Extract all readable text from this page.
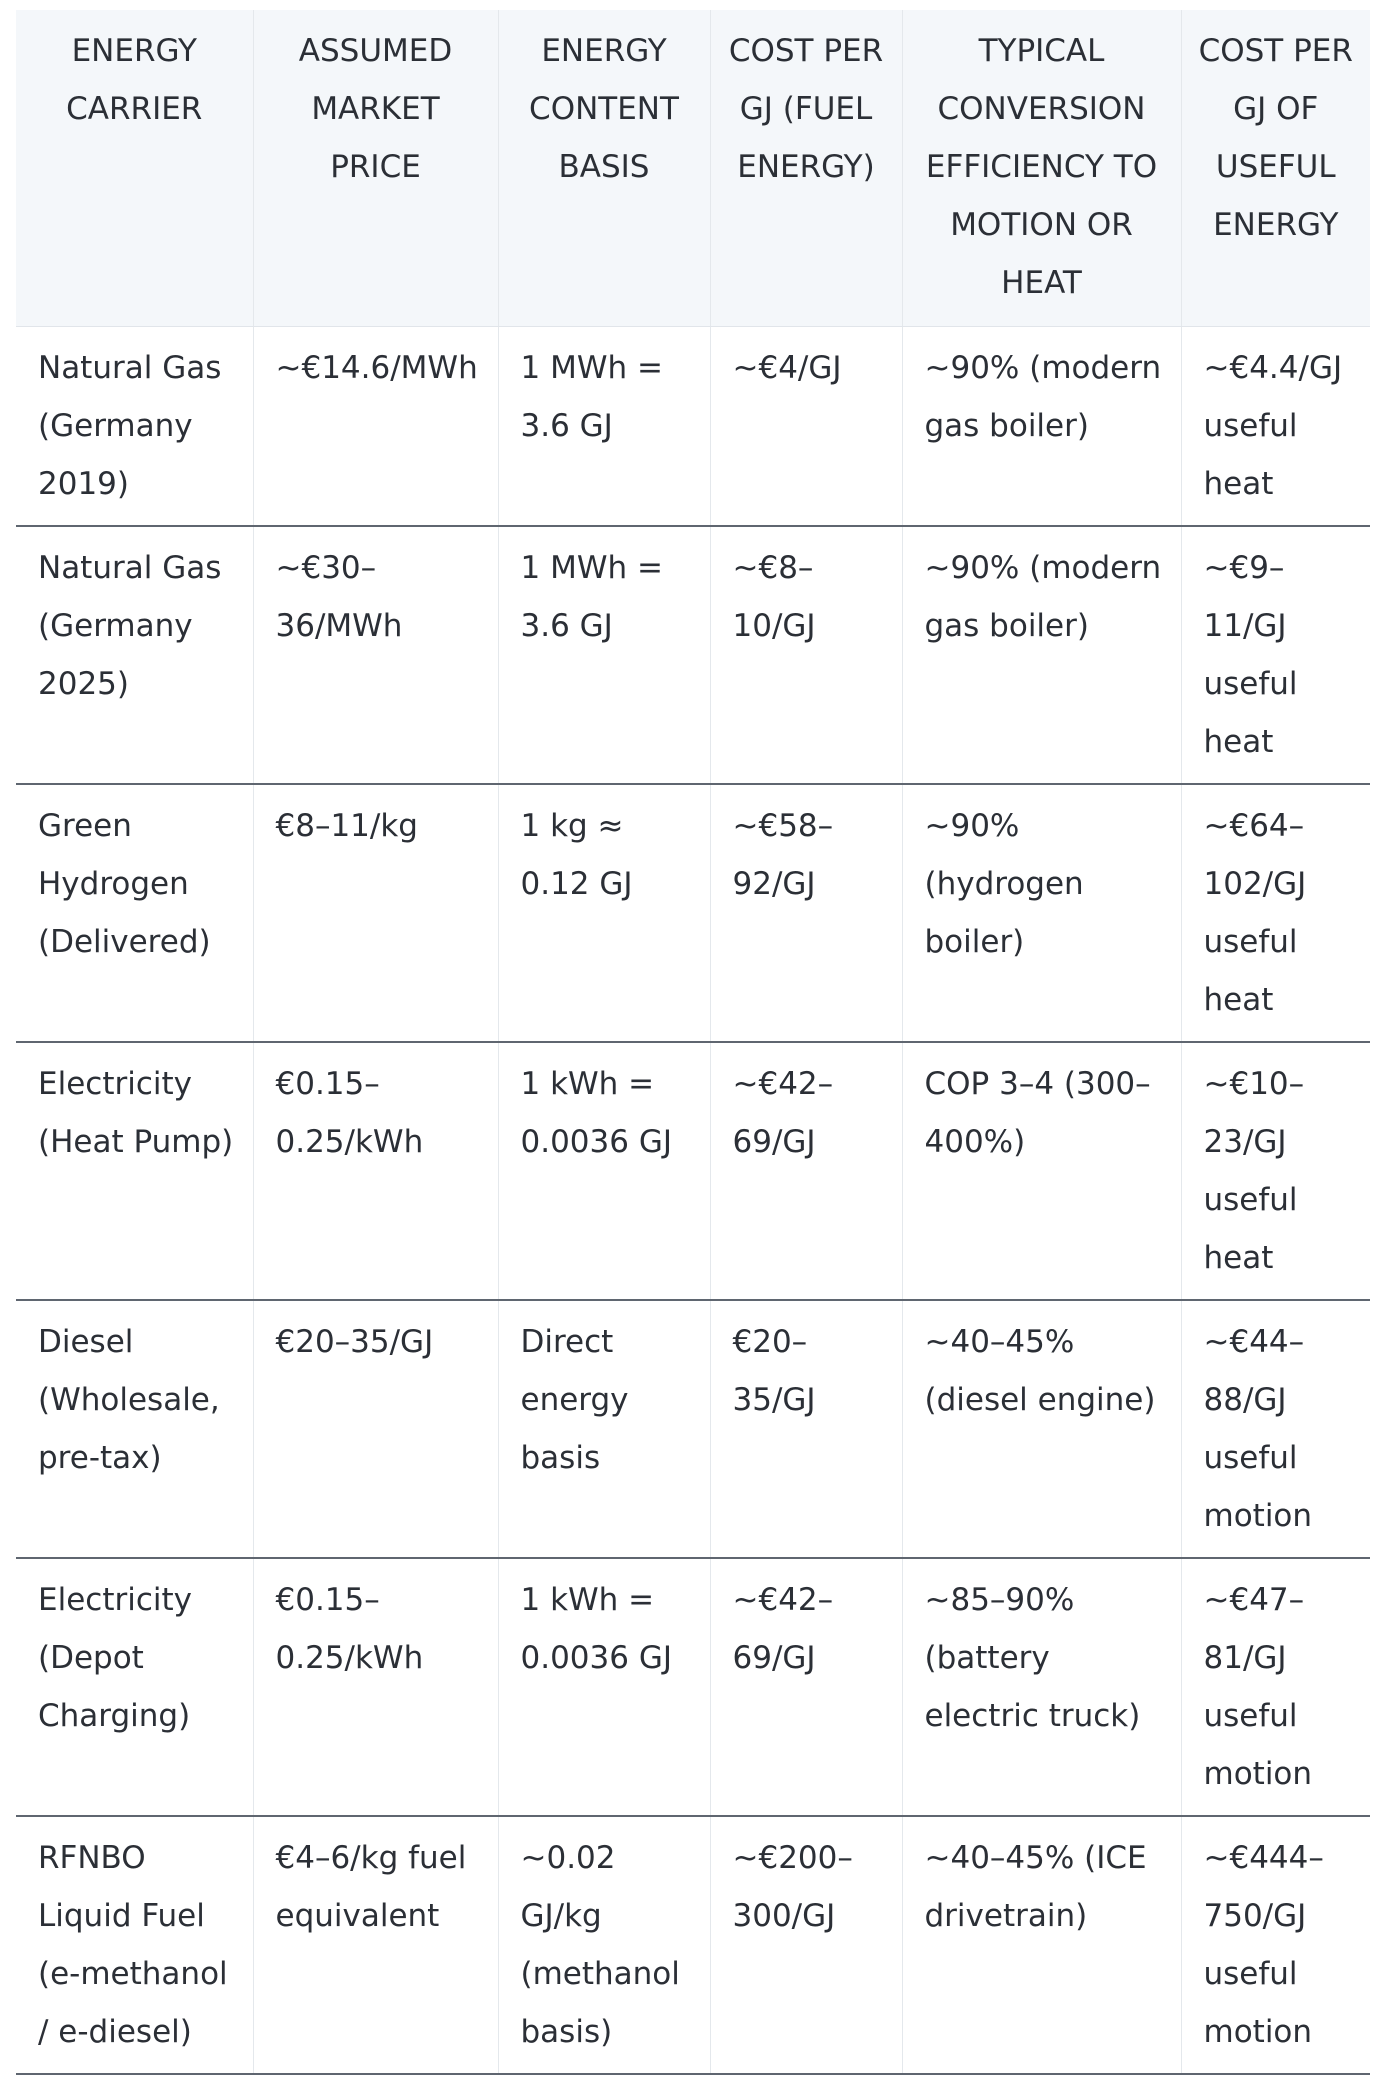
ENERGY CARRIER	ASSUMED MARKET PRICE	ENERGY CONTENT BASIS	COST PER GJ (FUEL ENERGY)	TYPICAL CONVERSION EFFICIENCY TO MOTION OR HEAT	COST PER GJ OF USEFUL ENERGY
Natural Gas (Germany 2019)	~€14.6/MWh	1 MWh = 3.6 GJ	~€4/GJ	~90% (modern gas boiler)	~€4.4/GJ useful heat
Natural Gas (Germany 2025)	~€30–36/MWh	1 MWh = 3.6 GJ	~€8–10/GJ	~90% (modern gas boiler)	~€9–11/GJ useful heat
Green Hydrogen (Delivered)	€8–11/kg	1 kg ≈ 0.12 GJ	~€58–92/GJ	~90% (hydrogen boiler)	~€64–102/GJ useful heat
Electricity (Heat Pump)	€0.15–0.25/kWh	1 kWh = 0.0036 GJ	~€42–69/GJ	COP 3–4 (300–400%)	~€10–23/GJ useful heat
Diesel (Wholesale, pre-tax)	€20–35/GJ	Direct energy basis	€20–35/GJ	~40–45% (diesel engine)	~€44–88/GJ useful motion
Electricity (Depot Charging)	€0.15–0.25/kWh	1 kWh = 0.0036 GJ	~€42–69/GJ	~85–90% (battery electric truck)	~€47–81/GJ useful motion
RFNBO Liquid Fuel (e-methanol / e-diesel)	€4–6/kg fuel equivalent	~0.02 GJ/kg (methanol basis)	~€200–300/GJ	~40–45% (ICE drivetrain)	~€444–750/GJ useful motion
